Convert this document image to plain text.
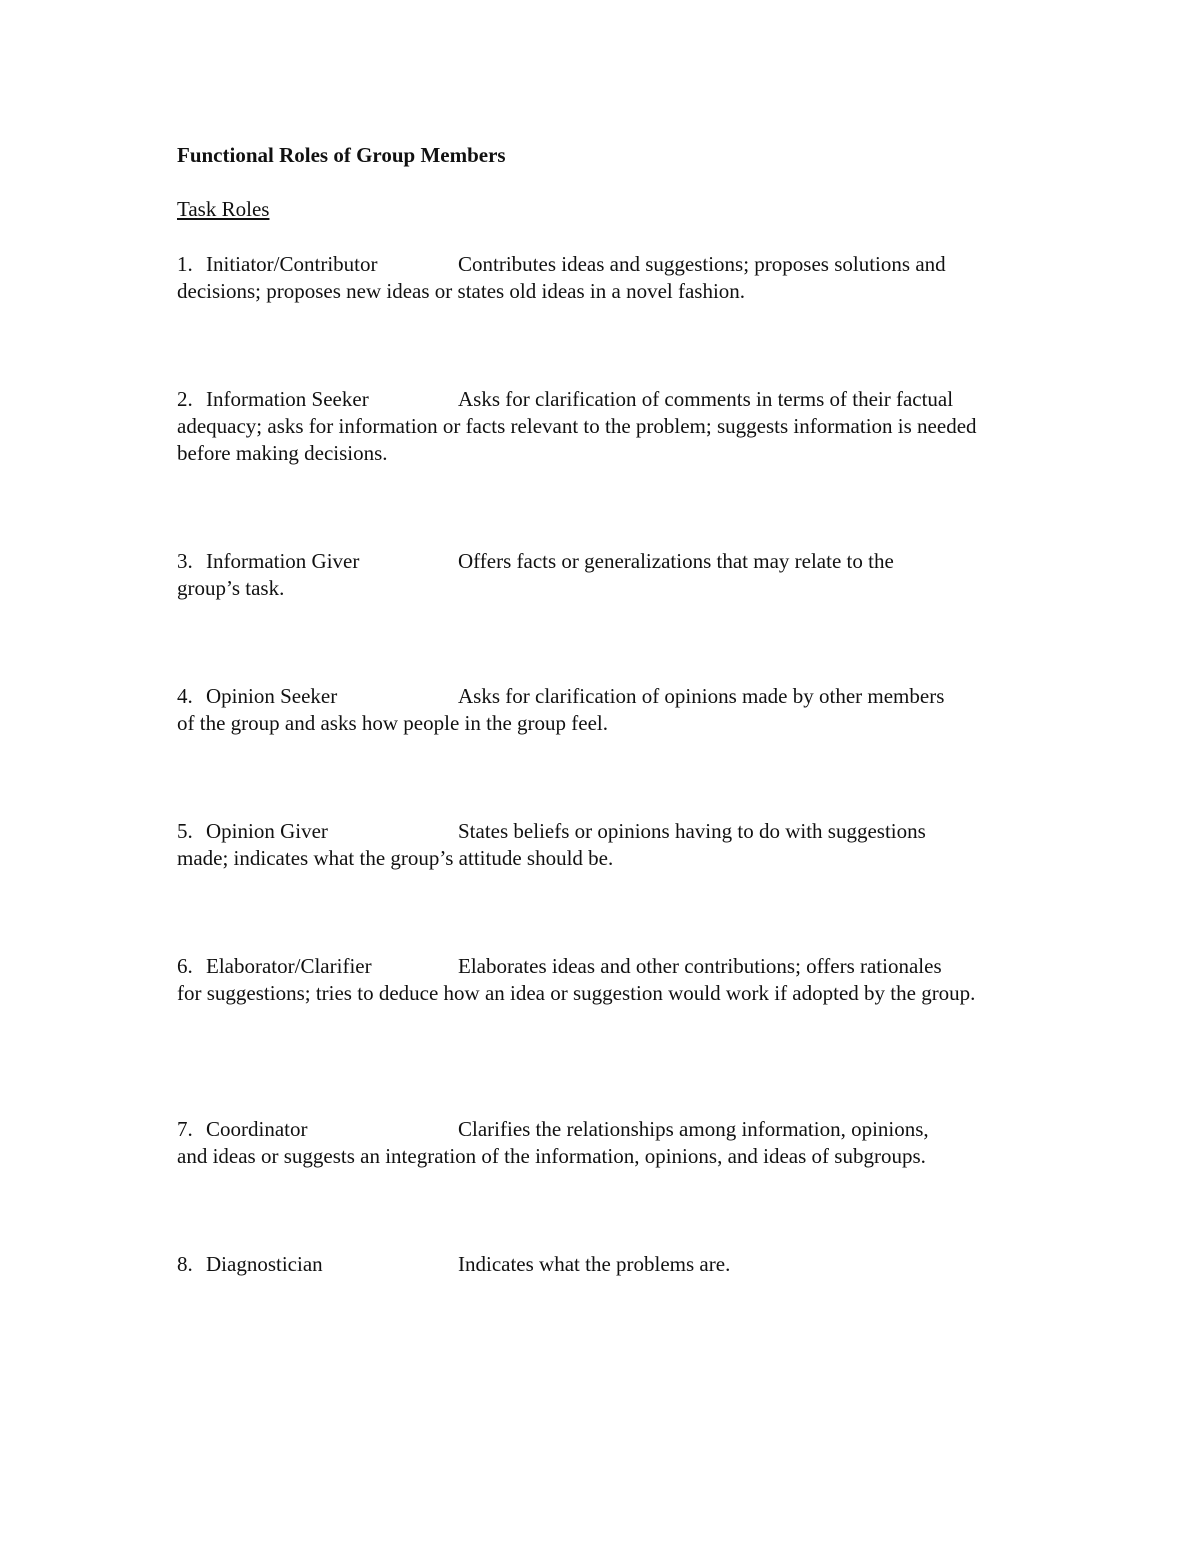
Functional Roles of Group Members
Task Roles
1. Initiator/Contributor	Contributes ideas and suggestions; proposes solutions and
decisions; proposes new ideas or states old ideas in a novel fashion.
2. Information Seeker	Asks for clarification of comments in terms of their factual
adequacy; asks for information or facts relevant to the problem; suggests information is needed before making decisions.
3. Information Giver	Offers facts or generalizations that may relate to the
group’s task.
4. Opinion Seeker	Asks for clarification of opinions made by other members
of the group and asks how people in the group feel.
5. Opinion Giver	States beliefs or opinions having to do with suggestions
made; indicates what the group’s attitude should be.
6. Elaborator/Clarifier	Elaborates ideas and other contributions; offers rationales
for suggestions; tries to deduce how an idea or suggestion would work if adopted by the group.
7. Coordinator	Clarifies the relationships among information, opinions,
and ideas or suggests an integration of the information, opinions, and ideas of subgroups.
8. Diagnostician	Indicates what the problems are.
